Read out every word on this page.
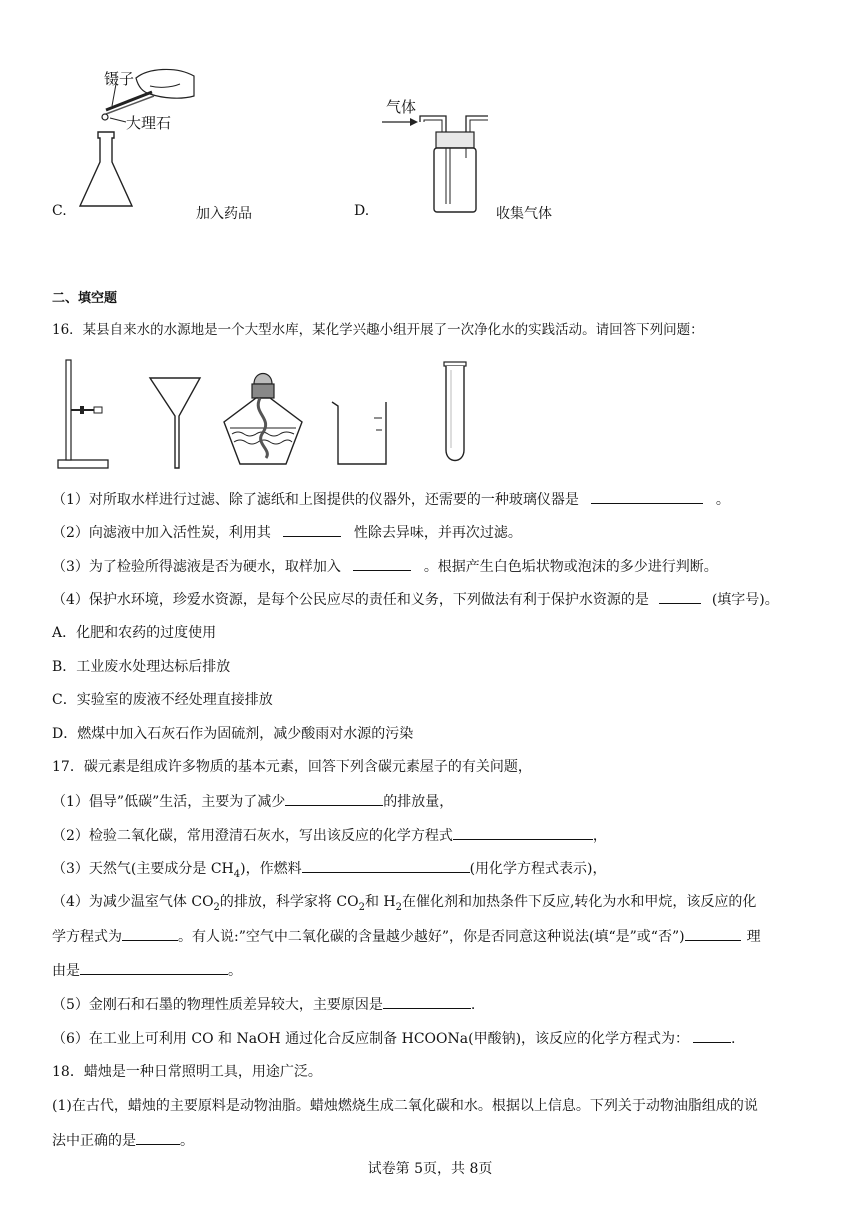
镊子
大理石
C.	加入药品
气体
D.	收集气体
二、填空题
16．某县自来水的水源地是一个大型水库，某化学兴趣小组开展了一次净化水的实践活动。请回答下列问题：
（1）对所取水样进行过滤、除了滤纸和上图提供的仪器外，还需要的一种玻璃仪器是	。
（2）向滤液中加入活性炭，利用其	性除去异味，并再次过滤。
（3）为了检验所得滤液是否为硬水，取样加入	。根据产生白色垢状物或泡沫的多少进行判断。
（4）保护水环境，珍爱水资源，是每个公民应尽的责任和义务，下列做法有利于保护水资源的是	(填字号)。
A．化肥和农药的过度使用
B．工业废水处理达标后排放
C．实验室的废液不经处理直接排放
D．燃煤中加入石灰石作为固硫剂，减少酸雨对水源的污染
17．碳元素是组成许多物质的基本元素，回答下列含碳元素屋子的有关问题，
（1）倡导”低碳”生活，主要为了减少	的排放量，
（2）检验二氧化碳，常用澄清石灰水，写出该反应的化学方程式	，
（3）天然气(主要成分是 $CH_4$)，作燃料	(用化学方程式表示)，
（4）为减少温室气体 $CO_2$的排放，科学家将 $CO_2$和 $H_2$在催化剂和加热条件下反应,转化为水和甲烷，该反应的化
学方程式为	。有人说:”空气中二氧化碳的含量越少越好”，你是否同意这种说法(填“是”或“否”)	理
由是	。
（5）金刚石和石墨的物理性质差异较大，主要原因是	.
（6）在工业上可利用 CO 和 NaOH 通过化合反应制备 HCOONa(甲酸钠)，该反应的化学方程式为：	.
18．蜡烛是一种日常照明工具，用途广泛。
(1)在古代，蜡烛的主要原料是动物油脂。蜡烛燃烧生成二氧化碳和水。根据以上信息。下列关于动物油脂组成的说
法中正确的是	。
试卷第 5页，共 8页
